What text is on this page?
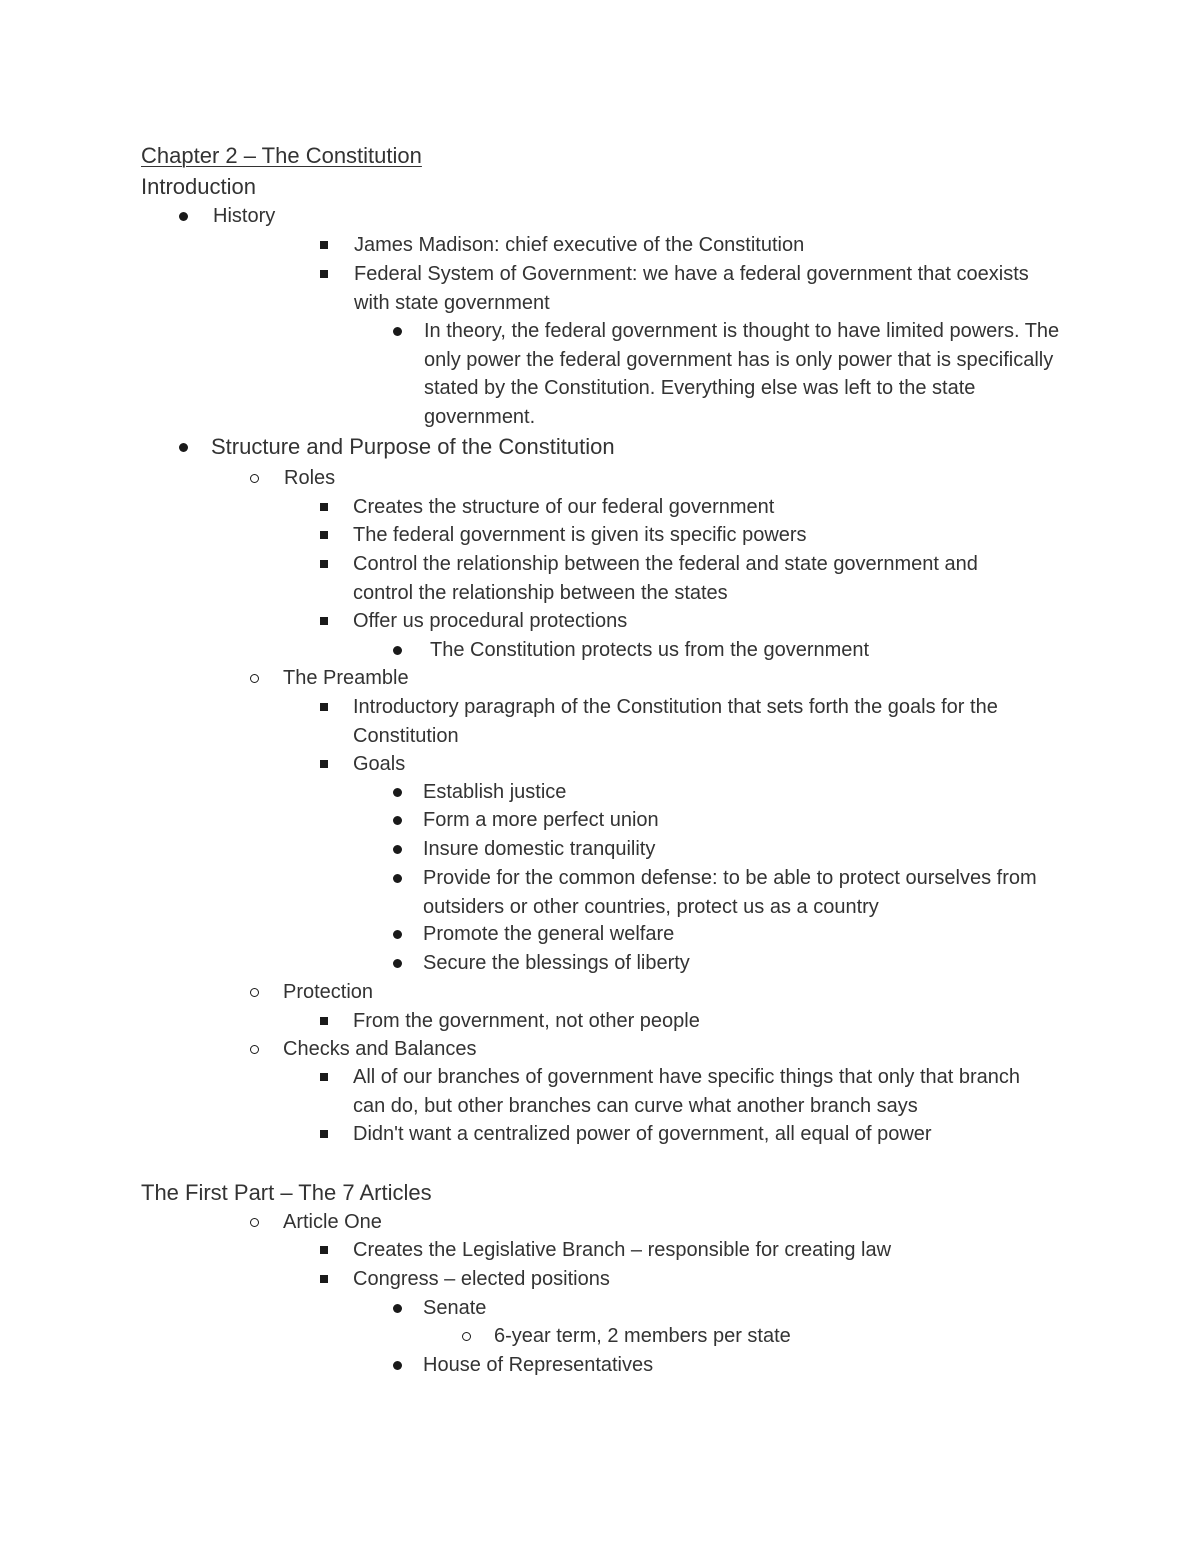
Chapter 2 – The Constitution
Introduction
History
James Madison: chief executive of the Constitution
Federal System of Government: we have a federal government that coexists with state government
In theory, the federal government is thought to have limited powers. The only power the federal government has is only power that is specifically stated by the Constitution. Everything else was left to the state government.
Structure and Purpose of the Constitution
Roles
Creates the structure of our federal government
The federal government is given its specific powers
Control the relationship between the federal and state government and control the relationship between the states
Offer us procedural protections
The Constitution protects us from the government
The Preamble
Introductory paragraph of the Constitution that sets forth the goals for the Constitution
Goals
Establish justice
Form a more perfect union
Insure domestic tranquility
Provide for the common defense: to be able to protect ourselves from outsiders or other countries, protect us as a country
Promote the general welfare
Secure the blessings of liberty
Protection
From the government, not other people
Checks and Balances
All of our branches of government have specific things that only that branch can do, but other branches can curve what another branch says
Didn't want a centralized power of government, all equal of power
The First Part – The 7 Articles
Article One
Creates the Legislative Branch – responsible for creating law
Congress – elected positions
Senate
6-year term, 2 members per state
House of Representatives
